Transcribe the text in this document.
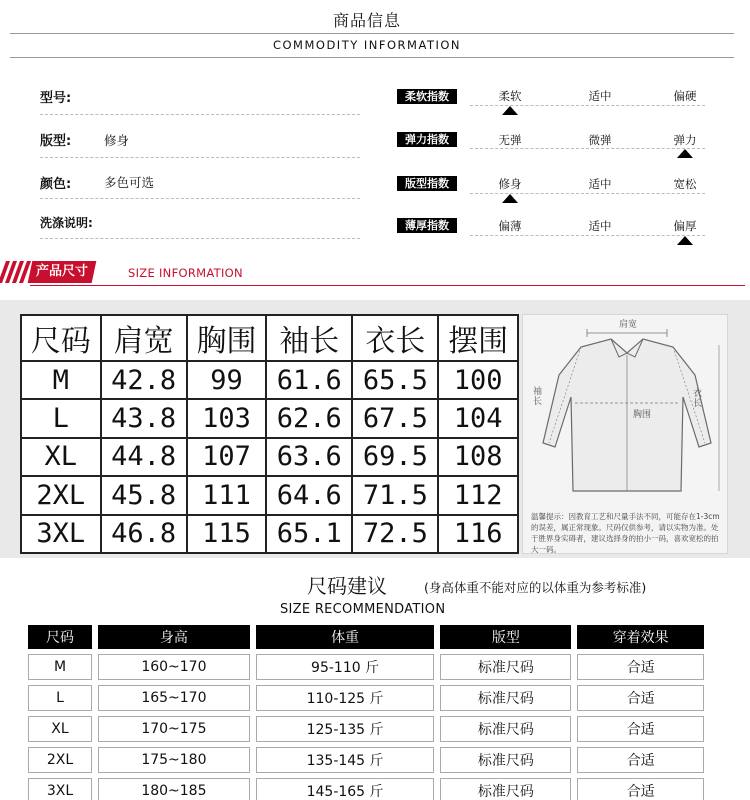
商品信息
COMMODITY INFORMATION
型号:
版型:	修身
颜色:	多色可选
洗涤说明:
柔软指数	柔软	适中	偏硬
弹力指数	无弹	微弹	弹力
版型指数	修身	适中	宽松
薄厚指数	偏薄	适中	偏厚
产品尺寸	SIZE INFORMATION
尺码	肩宽	胸围	袖长	衣长	摆围
M	42.8	99	61.6	65.5	100
L	43.8	103	62.6	67.5	104
XL	44.8	107	63.6	69.5	108
2XL	45.8	111	64.6	71.5	112
3XL	46.8	115	65.1	72.5	116
肩宽
袖长
胸围
衣长
温馨提示：因教育工艺和尺量手法不同，可能存在1-3cm的误差，属正常现象。尺码仅供参考，请以实物为准。处于胜界身实碍者，建议选择身的拍小一码，喜欢宽松的拍大一码。
尺码建议	(身高体重不能对应的以体重为参考标准)
SIZE RECOMMENDATION
尺码	身高	体重	版型	穿着效果
M	160~170	95-110 斤	标准尺码	合适
L	165~170	110-125 斤	标准尺码	合适
XL	170~175	125-135 斤	标准尺码	合适
2XL	175~180	135-145 斤	标准尺码	合适
3XL	180~185	145-165 斤	标准尺码	合适
